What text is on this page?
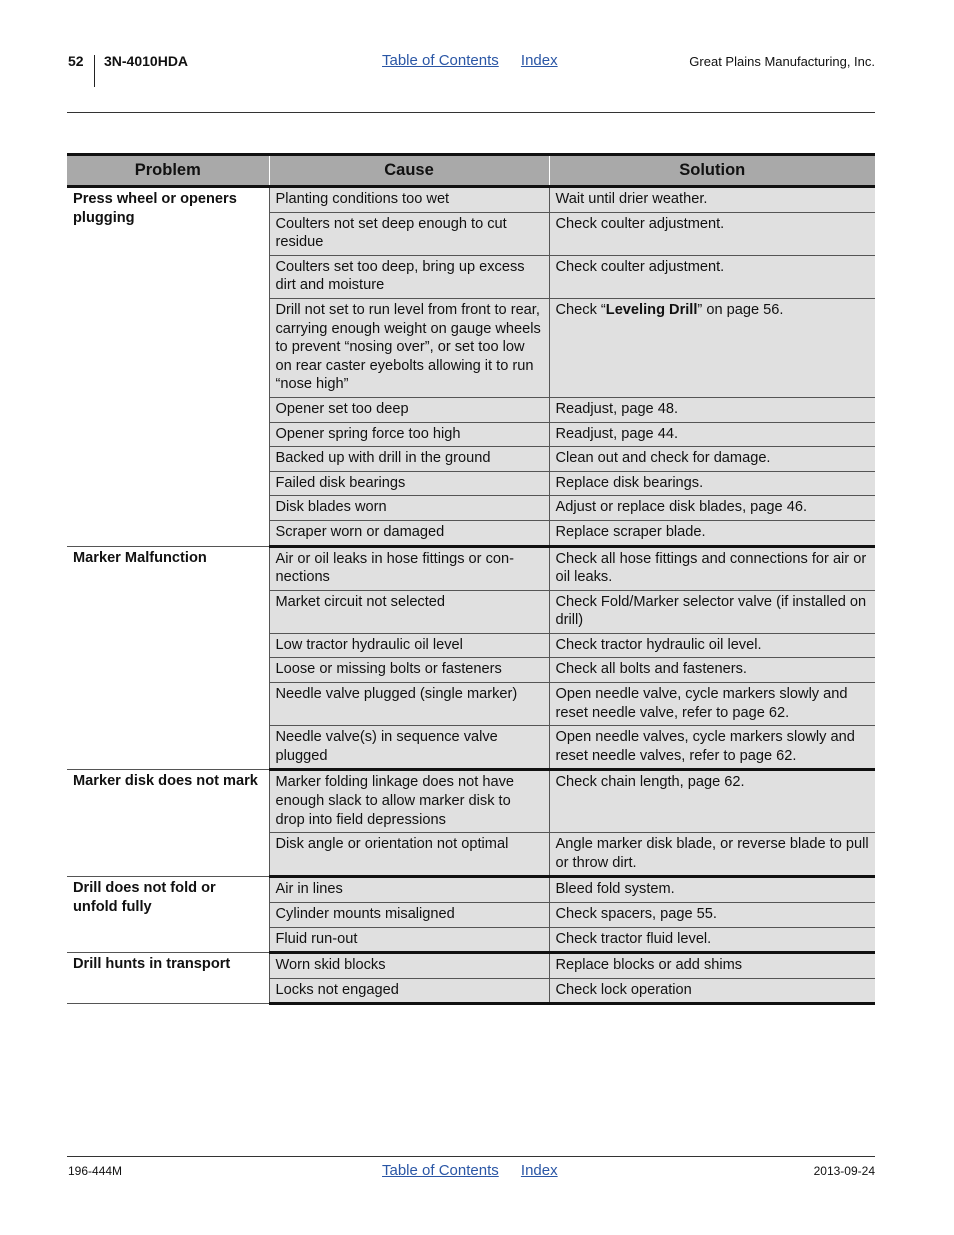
52 3N-4010HDA	Table of Contents Index	Great Plains Manufacturing, Inc.
Problem	Cause	Solution
Press wheel or openers plugging	Planting conditions too wet	Wait until drier weather.
	Coulters not set deep enough to cut residue	Check coulter adjustment.
	Coulters set too deep, bring up excess dirt and moisture	Check coulter adjustment.
	Drill not set to run level from front to rear, carrying enough weight on gauge wheels to prevent “nosing over”, or set too low on rear caster eyebolts allowing it to run “nose high”	Check “Leveling Drill” on page 56.
	Opener set too deep	Readjust, page 48.
	Opener spring force too high	Readjust, page 44.
	Backed up with drill in the ground	Clean out and check for damage.
	Failed disk bearings	Replace disk bearings.
	Disk blades worn	Adjust or replace disk blades, page 46.
	Scraper worn or damaged	Replace scraper blade.
Marker Malfunction	Air or oil leaks in hose fittings or con-nections	Check all hose fittings and connections for air or oil leaks.
	Market circuit not selected	Check Fold/Marker selector valve (if installed on drill)
	Low tractor hydraulic oil level	Check tractor hydraulic oil level.
	Loose or missing bolts or fasteners	Check all bolts and fasteners.
	Needle valve plugged (single marker)	Open needle valve, cycle markers slowly and reset needle valve, refer to page 62.
	Needle valve(s) in sequence valve plugged	Open needle valves, cycle markers slowly and reset needle valves, refer to page 62.
Marker disk does not mark	Marker folding linkage does not have enough slack to allow marker disk to drop into field depressions	Check chain length, page 62.
	Disk angle or orientation not optimal	Angle marker disk blade, or reverse blade to pull or throw dirt.
Drill does not fold or unfold fully	Air in lines	Bleed fold system.
	Cylinder mounts misaligned	Check spacers, page 55.
	Fluid run-out	Check tractor fluid level.
Drill hunts in transport	Worn skid blocks	Replace blocks or add shims
	Locks not engaged	Check lock operation
196-444M	Table of Contents Index	2013-09-24
